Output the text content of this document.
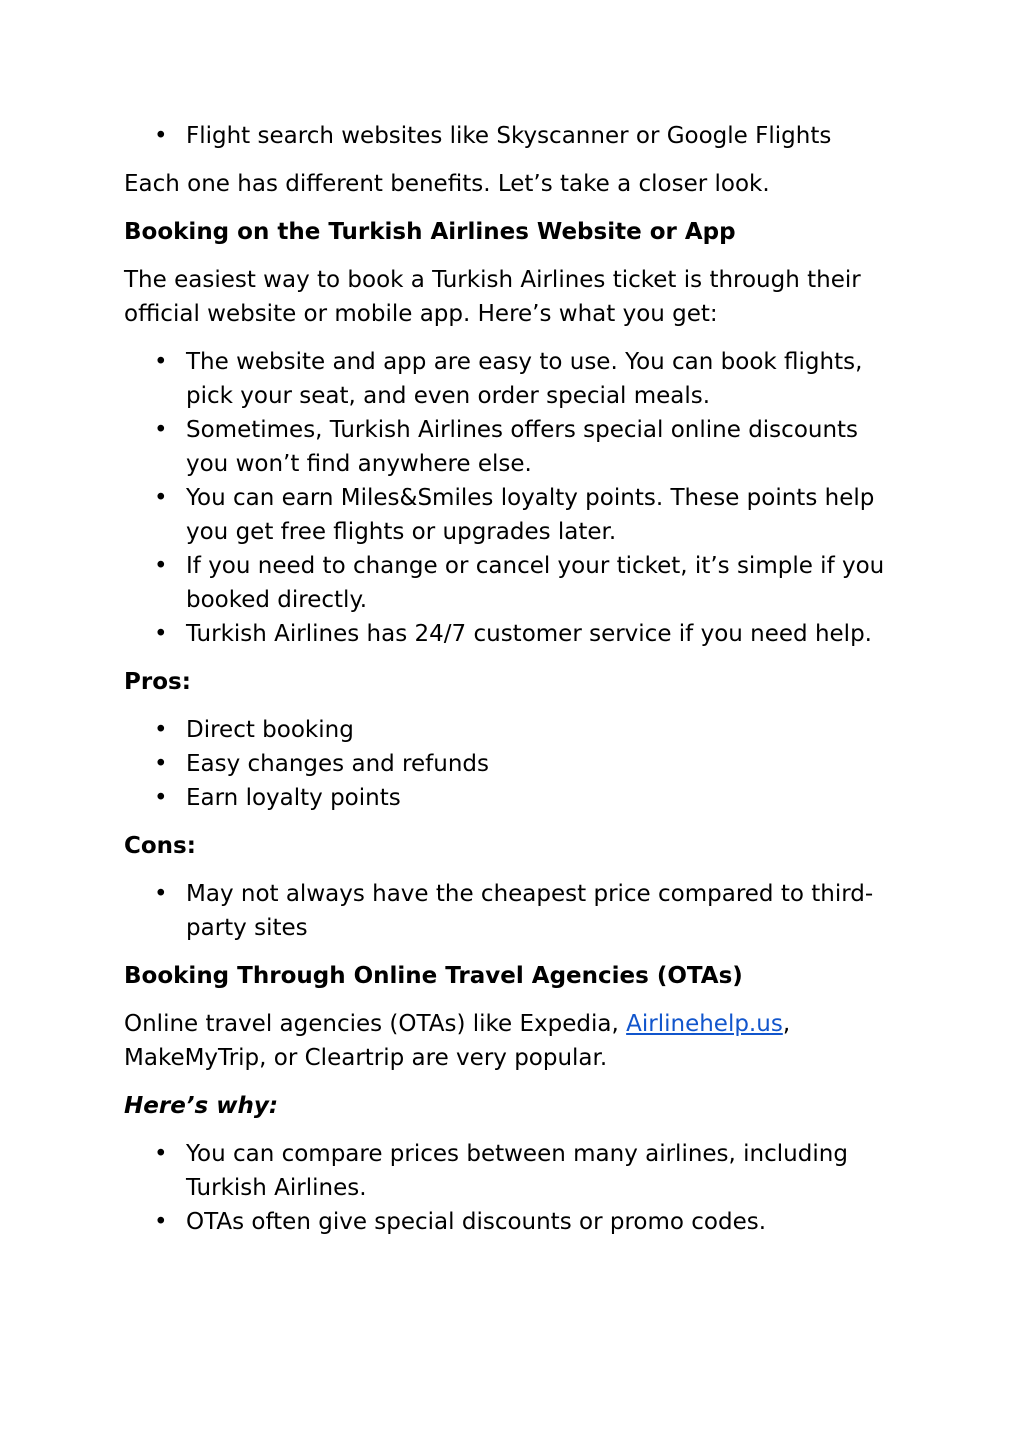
• Flight search websites like Skyscanner or Google Flights

Each one has different benefits. Let’s take a closer look.

Booking on the Turkish Airlines Website or App

The easiest way to book a Turkish Airlines ticket is through their official website or mobile app. Here’s what you get:

• The website and app are easy to use. You can book flights, pick your seat, and even order special meals.
• Sometimes, Turkish Airlines offers special online discounts you won’t find anywhere else.
• You can earn Miles&Smiles loyalty points. These points help you get free flights or upgrades later.
• If you need to change or cancel your ticket, it’s simple if you booked directly.
• Turkish Airlines has 24/7 customer service if you need help.
Pros:
• Direct booking
• Easy changes and refunds
• Earn loyalty points
Cons:
• May not always have the cheapest price compared to third-party sites
Booking Through Online Travel Agencies (OTAs)

Online travel agencies (OTAs) like Expedia, Airlinehelp.us, MakeMyTrip, or Cleartrip are very popular.

Here’s why:
• You can compare prices between many airlines, including Turkish Airlines.
• OTAs often give special discounts or promo codes.
